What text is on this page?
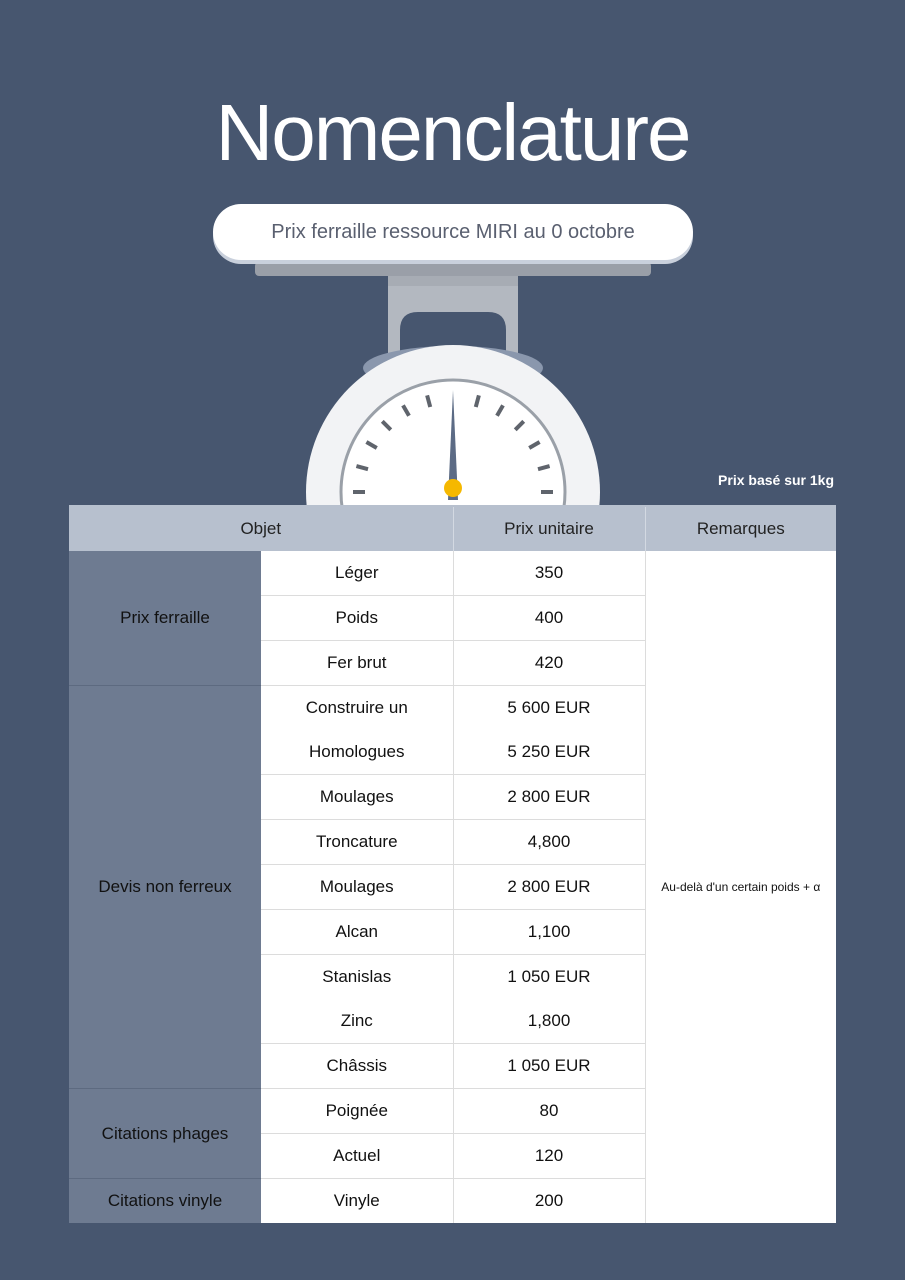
Nomenclature
Prix ferraille ressource MIRI au 0 octobre
Prix basé sur 1kg
Objet		Prix unitaire	Remarques
Prix ferraille	Léger	350	Au-delà d'un certain poids + α
	Poids	400	
	Fer brut	420	
Devis non ferreux	Construire un	5 600 EUR	
	Homologues	5 250 EUR	
	Moulages	2 800 EUR	
	Troncature	4,800	
	Moulages	2 800 EUR	
	Alcan	1,100	
	Stanislas	1 050 EUR	
	Zinc	1,800	
	Châssis	1 050 EUR	
Citations phages	Poignée	80	
	Actuel	120	
Citations vinyle	Vinyle	200	
